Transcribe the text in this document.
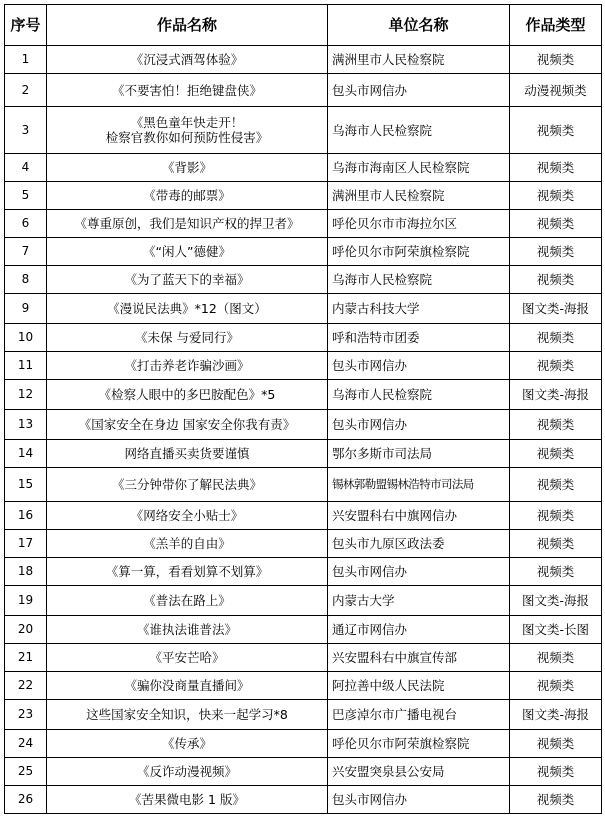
序号	作品名称	单位名称	作品类型
1	《沉浸式酒驾体验》	满洲里市人民检察院	视频类
2	《不要害怕！拒绝键盘侠》	包头市网信办	动漫视频类
3	《黑色童年快走开！
检察官教你如何预防性侵害》	乌海市人民检察院	视频类
4	《背影》	乌海市海南区人民检察院	视频类
5	《带毒的邮票》	满洲里市人民检察院	视频类
6	《尊重原创，我们是知识产权的捍卫者》	呼伦贝尔市市海拉尔区	视频类
7	《“闲人”德健》	呼伦贝尔市阿荣旗检察院	视频类
8	《为了蓝天下的幸福》	乌海市人民检察院	视频类
9	《漫说民法典》*12（图文）	内蒙古科技大学	图文类-海报
10	《未保 与爱同行》	呼和浩特市团委	视频类
11	《打击养老诈骗沙画》	包头市网信办	视频类
12	《检察人眼中的多巴胺配色》*5	乌海市人民检察院	图文类-海报
13	《国家安全在身边 国家安全你我有责》	包头市网信办	视频类
14	网络直播买卖货要谨慎	鄂尔多斯市司法局	视频类
15	《三分钟带你了解民法典》	锡林郭勒盟锡林浩特市司法局	视频类
16	《网络安全小贴士》	兴安盟科右中旗网信办	视频类
17	《羔羊的自由》	包头市九原区政法委	视频类
18	《算一算，看看划算不划算》	包头市网信办	视频类
19	《普法在路上》	内蒙古大学	图文类-海报
20	《谁执法谁普法》	通辽市网信办	图文类-长图
21	《平安芒哈》	兴安盟科右中旗宣传部	视频类
22	《骗你没商量直播间》	阿拉善中级人民法院	视频类
23	这些国家安全知识，快来一起学习*8	巴彦淖尔市广播电视台	图文类-海报
24	《传承》	呼伦贝尔市阿荣旗检察院	视频类
25	《反诈动漫视频》	兴安盟突泉县公安局	视频类
26	《苦果微电影 1 版》	包头市网信办	视频类
